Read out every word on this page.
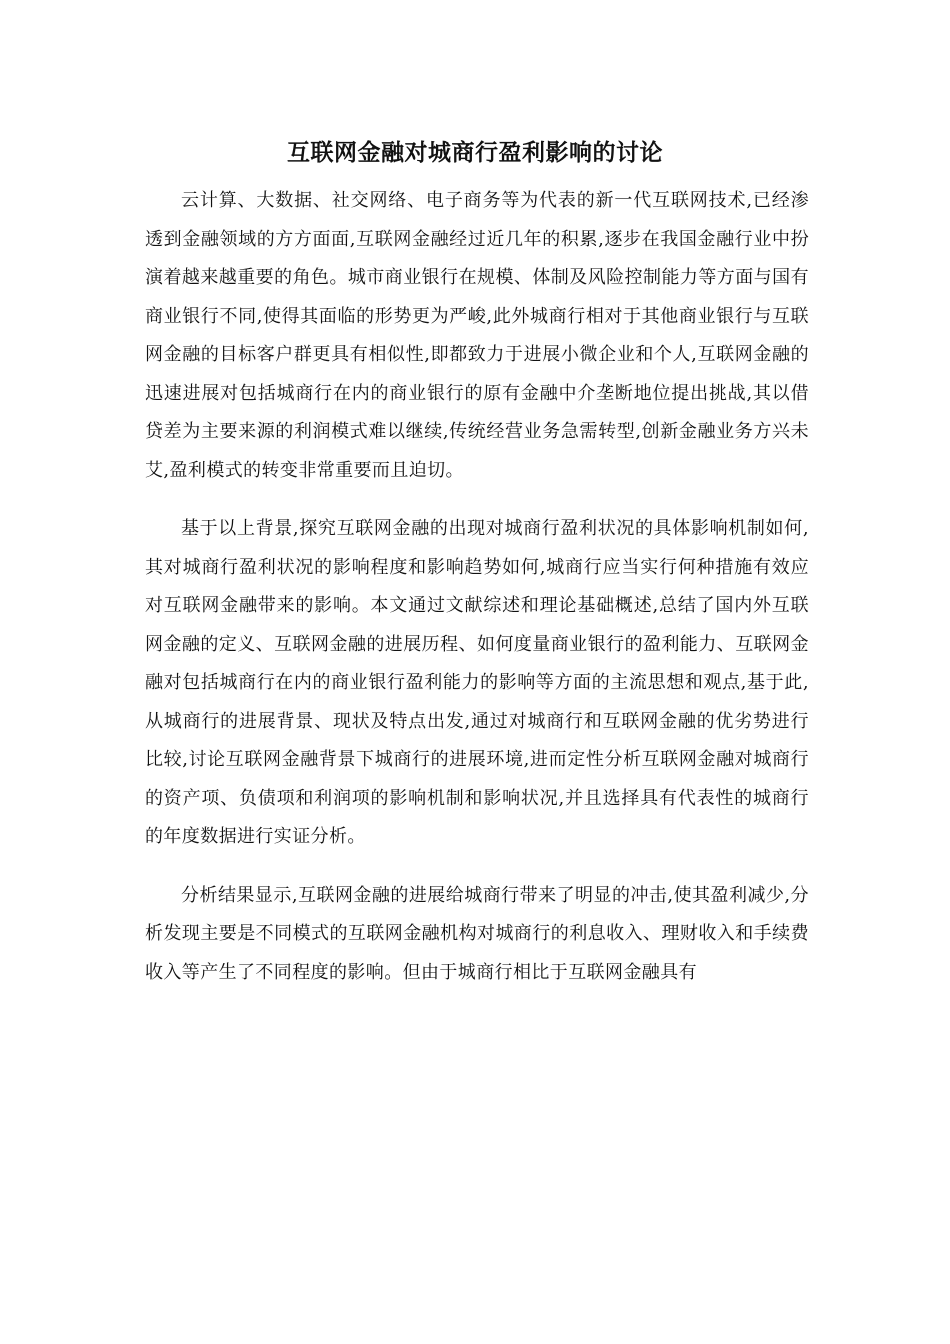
互联网金融对城商行盈利影响的讨论

云计算、大数据、社交网络、电子商务等为代表的新一代互联网技术,已经渗透到金融领域的方方面面,互联网金融经过近几年的积累,逐步在我国金融行业中扮演着越来越重要的角色。城市商业银行在规模、体制及风险控制能力等方面与国有商业银行不同,使得其面临的形势更为严峻,此外城商行相对于其他商业银行与互联网金融的目标客户群更具有相似性,即都致力于进展小微企业和个人,互联网金融的迅速进展对包括城商行在内的商业银行的原有金融中介垄断地位提出挑战,其以借贷差为主要来源的利润模式难以继续,传统经营业务急需转型,创新金融业务方兴未艾,盈利模式的转变非常重要而且迫切。

基于以上背景,探究互联网金融的出现对城商行盈利状况的具体影响机制如何,其对城商行盈利状况的影响程度和影响趋势如何,城商行应当实行何种措施有效应对互联网金融带来的影响。本文通过文献综述和理论基础概述,总结了国内外互联网金融的定义、互联网金融的进展历程、如何度量商业银行的盈利能力、互联网金融对包括城商行在内的商业银行盈利能力的影响等方面的主流思想和观点,基于此,从城商行的进展背景、现状及特点出发,通过对城商行和互联网金融的优劣势进行比较,讨论互联网金融背景下城商行的进展环境,进而定性分析互联网金融对城商行的资产项、负债项和利润项的影响机制和影响状况,并且选择具有代表性的城商行的年度数据进行实证分析。

分析结果显示,互联网金融的进展给城商行带来了明显的冲击,使其盈利减少,分析发现主要是不同模式的互联网金融机构对城商行的利息收入、理财收入和手续费收入等产生了不同程度的影响。但由于城商行相比于互联网金融具有
